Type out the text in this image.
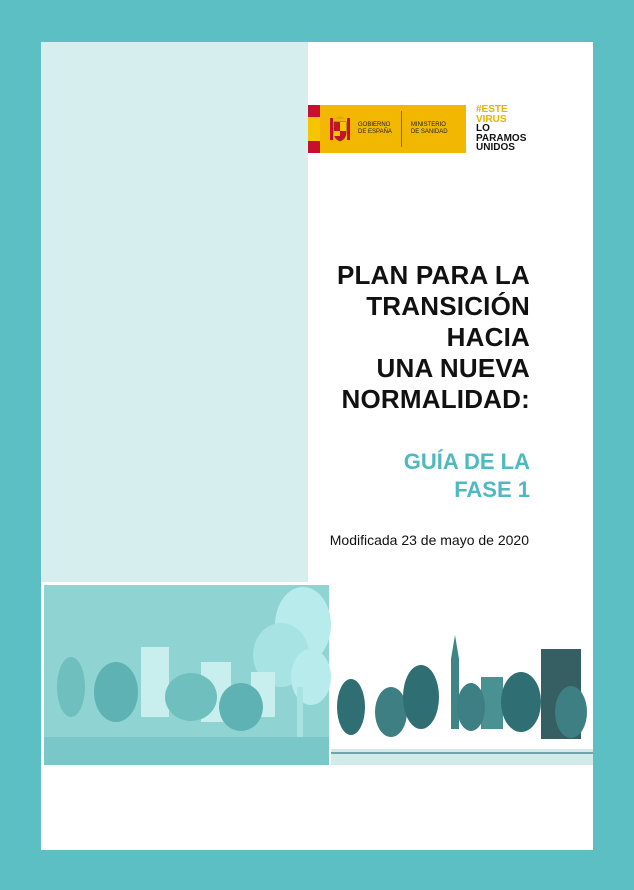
GOBIERNO
DE ESPAÑA
MINISTERIO
DE SANIDAD
#ESTE
VIRUS
LO
PARAMOS
UNIDOS
PLAN PARA LA
TRANSICIÓN
HACIA
UNA NUEVA
NORMALIDAD:
GUÍA DE LA
FASE 1
Modificada 23 de mayo de 2020
